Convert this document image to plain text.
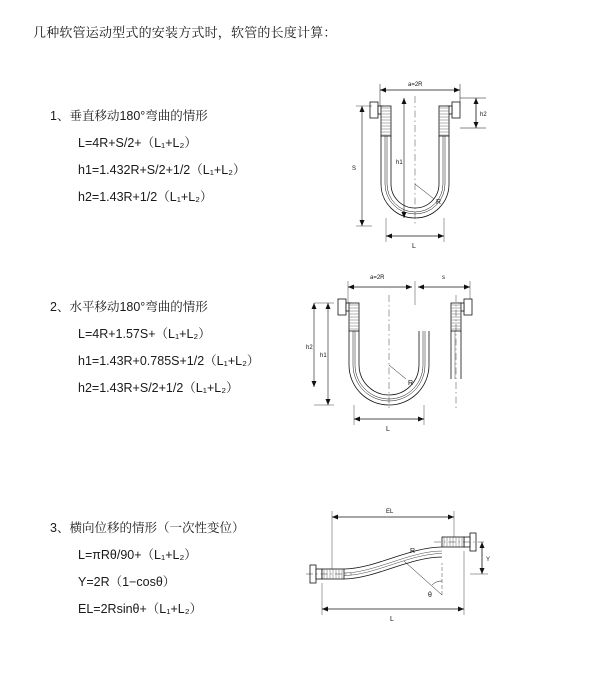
几种软管运动型式的安装方式时，软管的长度计算：
1、垂直移动180°弯曲的情形
L=4R+S/2+（L₁+L₂）
h1=1.432R+S/2+1/2（L₁+L₂）
h2=1.43R+1/2（L₁+L₂）
a=2R
h2
h1
R
L
S
2、水平移动180°弯曲的情形
L=4R+1.57S+（L₁+L₂）
h1=1.43R+0.785S+1/2（L₁+L₂）
h2=1.43R+S/2+1/2（L₁+L₂）
a=2R	s
R
h1
h2
L
3、横向位移的情形（一次性变位）
L=πRθ/90+（L₁+L₂）
Y=2R（1−cosθ）
EL=2Rsinθ+（L₁+L₂）
EL
Y
R
θ
L
